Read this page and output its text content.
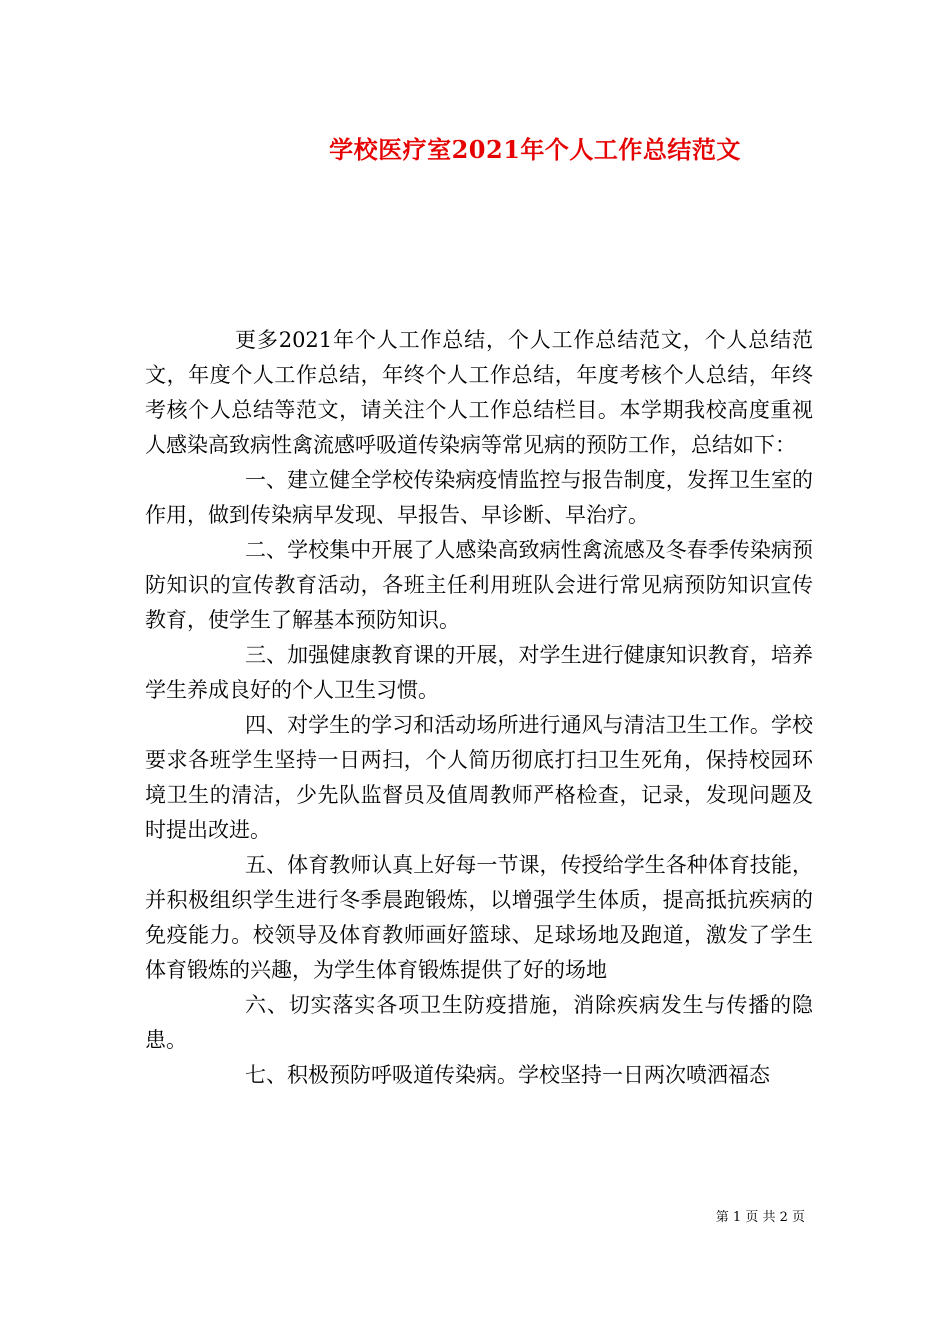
学校医疗室2021年个人工作总结范文

更多2021年个人工作总结，个人工作总结范文，个人总结范文，年度个人工作总结，年终个人工作总结，年度考核个人总结，年终考核个人总结等范文，请关注个人工作总结栏目。本学期我校高度重视人感染高致病性禽流感呼吸道传染病等常见病的预防工作，总结如下：

一、建立健全学校传染病疫情监控与报告制度，发挥卫生室的作用，做到传染病早发现、早报告、早诊断、早治疗。

二、学校集中开展了人感染高致病性禽流感及冬春季传染病预防知识的宣传教育活动，各班主任利用班队会进行常见病预防知识宣传教育，使学生了解基本预防知识。

三、加强健康教育课的开展，对学生进行健康知识教育，培养学生养成良好的个人卫生习惯。

四、对学生的学习和活动场所进行通风与清洁卫生工作。学校要求各班学生坚持一日两扫，个人简历彻底打扫卫生死角，保持校园环境卫生的清洁，少先队监督员及值周教师严格检查，记录，发现问题及时提出改进。

五、体育教师认真上好每一节课，传授给学生各种体育技能，并积极组织学生进行冬季晨跑锻炼，以增强学生体质，提高抵抗疾病的免疫能力。校领导及体育教师画好篮球、足球场地及跑道，激发了学生体育锻炼的兴趣，为学生体育锻炼提供了好的场地

六、切实落实各项卫生防疫措施，消除疾病发生与传播的隐患。

七、积极预防呼吸道传染病。学校坚持一日两次喷洒福态

第 1 页 共 2 页
